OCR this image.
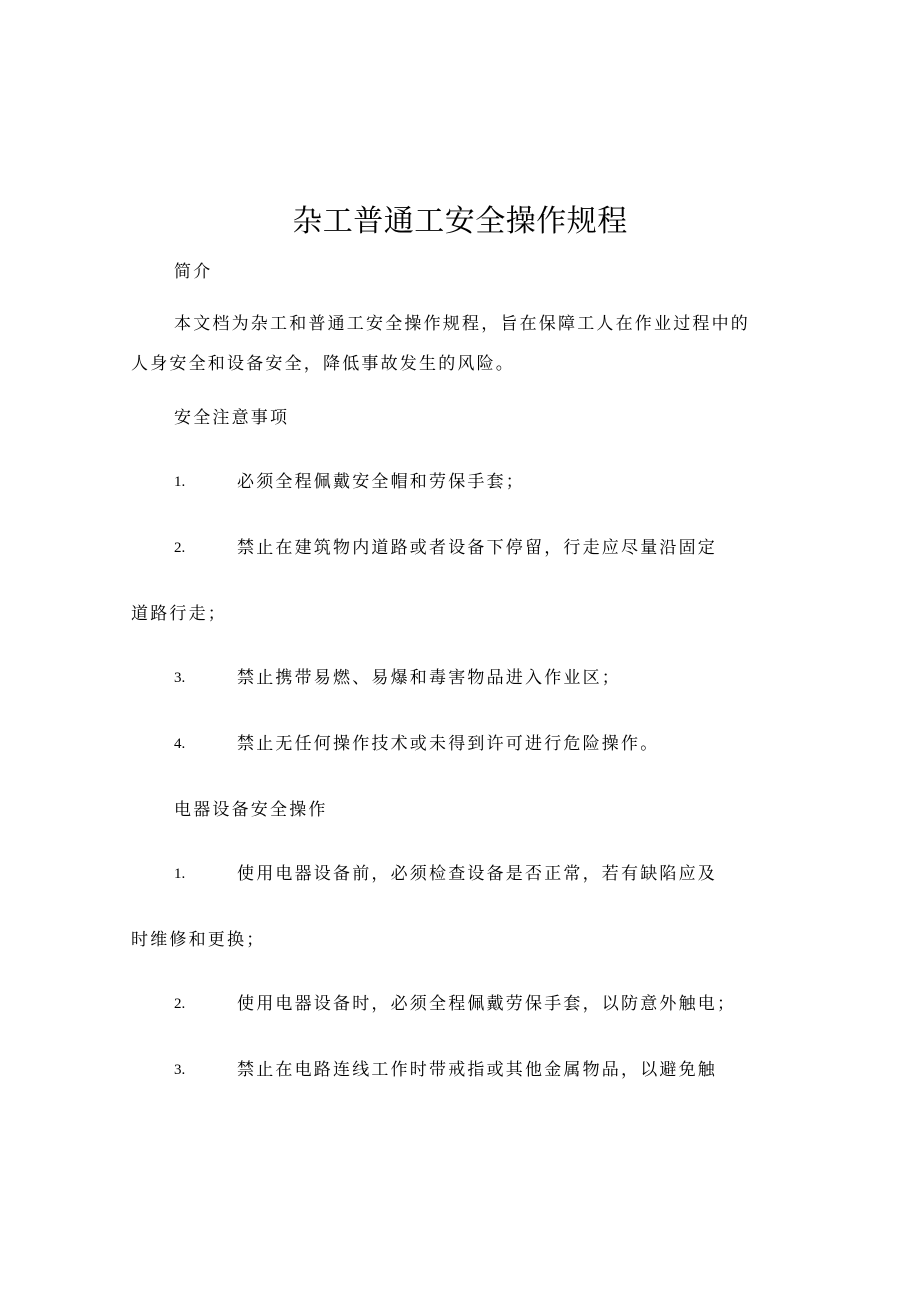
杂工普通工安全操作规程
简介
本文档为杂工和普通工安全操作规程，旨在保障工人在作业过程中的
人身安全和设备安全，降低事故发生的风险。
安全注意事项
1.	必须全程佩戴安全帽和劳保手套；
2.	禁止在建筑物内道路或者设备下停留，行走应尽量沿固定
道路行走；
3.	禁止携带易燃、易爆和毒害物品进入作业区；
4.	禁止无任何操作技术或未得到许可进行危险操作。
电器设备安全操作
1.	使用电器设备前，必须检查设备是否正常，若有缺陷应及
时维修和更换；
2.	使用电器设备时，必须全程佩戴劳保手套，以防意外触电；
3.	禁止在电路连线工作时带戒指或其他金属物品，以避免触
